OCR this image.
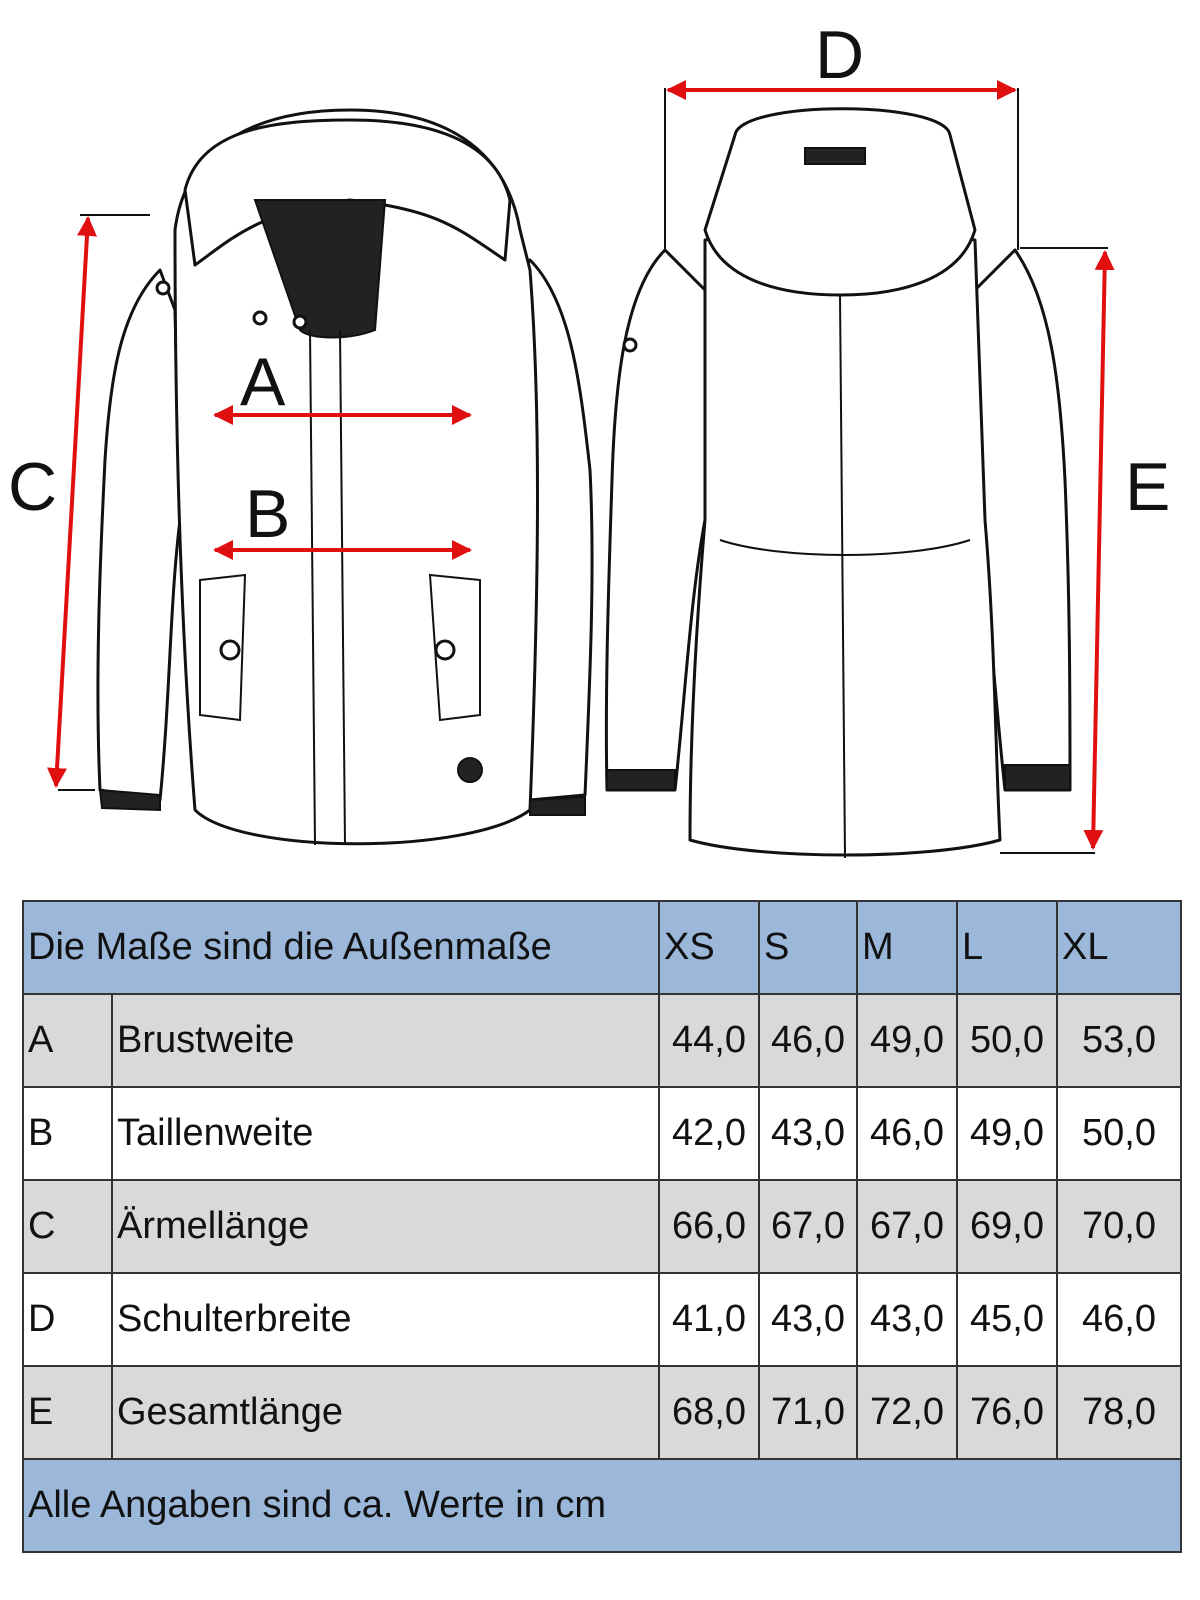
A
B
C
D
E
Die Maße sind die Außenmaße		XS	S	M	L	XL
A	Brustweite	44,0	46,0	49,0	50,0	53,0
B	Taillenweite	42,0	43,0	46,0	49,0	50,0
C	Ärmellänge	66,0	67,0	67,0	69,0	70,0
D	Schulterbreite	41,0	43,0	43,0	45,0	46,0
E	Gesamtlänge	68,0	71,0	72,0	76,0	78,0
Alle Angaben sind ca. Werte in cm						
